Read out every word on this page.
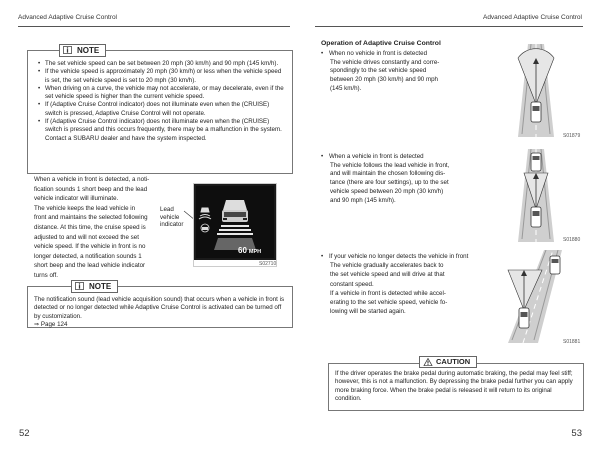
Advanced Adaptive Cruise Control	Advanced Adaptive Cruise Control
• The set vehicle speed can be set between 20 mph (30 km/h) and 90 mph (145 km/h).
• If the vehicle speed is approximately 20 mph (30 km/h) or less when the vehicle speed is set, the set vehicle speed is set to 20 mph (30 km/h).
• When driving on a curve, the vehicle may not accelerate, or may decelerate, even if the set vehicle speed is higher than the current vehicle speed.
• If (Adaptive Cruise Control indicator) does not illuminate even when the (CRUISE) switch is pressed, Adaptive Cruise Control will not operate.
• If (Adaptive Cruise Control indicator) does not illuminate even when the (CRUISE) switch is pressed and this occurs frequently, there may be a malfunction in the system. Contact a SUBARU dealer and have the system inspected.
NOTE
When a vehicle in front is detected, a noti-
fication sounds 1 short beep and the lead
vehicle indicator will illuminate.
The vehicle keeps the lead vehicle in
front and maintains the selected following
distance. At this time, the cruise speed is
adjusted to and will not exceed the set
vehicle speed. If the vehicle in front is no
longer detected, a notification sounds 1
short beep and the lead vehicle indicator
turns off.
Lead vehicle indicator
60 MPH
S02710
The notification sound (lead vehicle acquisition sound) that occurs when a vehicle in front is detected or no longer detected while Adaptive Cruise Control is activated can be turned off by customization.
⇒ Page 124
NOTE
52
Operation of Adaptive Cruise Control
• When no vehicle in front is detected
The vehicle drives constantly and corre-
spondingly to the set vehicle speed
between 20 mph (30 km/h) and 90 mph
(145 km/h).
S01879
• When a vehicle in front is detected
The vehicle follows the lead vehicle in front,
and will maintain the chosen following dis-
tance (there are four settings), up to the set
vehicle speed between 20 mph (30 km/h)
and 90 mph (145 km/h).
S01880
• If your vehicle no longer detects the vehicle in front
The vehicle gradually accelerates back to
the set vehicle speed and will drive at that
constant speed.
If a vehicle in front is detected while accel-
erating to the set vehicle speed, vehicle fo-
lowing will be started again.
S01881
If the driver operates the brake pedal during automatic braking, the pedal may feel stiff; however, this is not a malfunction. By depressing the brake pedal further you can apply more braking force. When the brake pedal is released it will return to its original condition.
CAUTION
53
